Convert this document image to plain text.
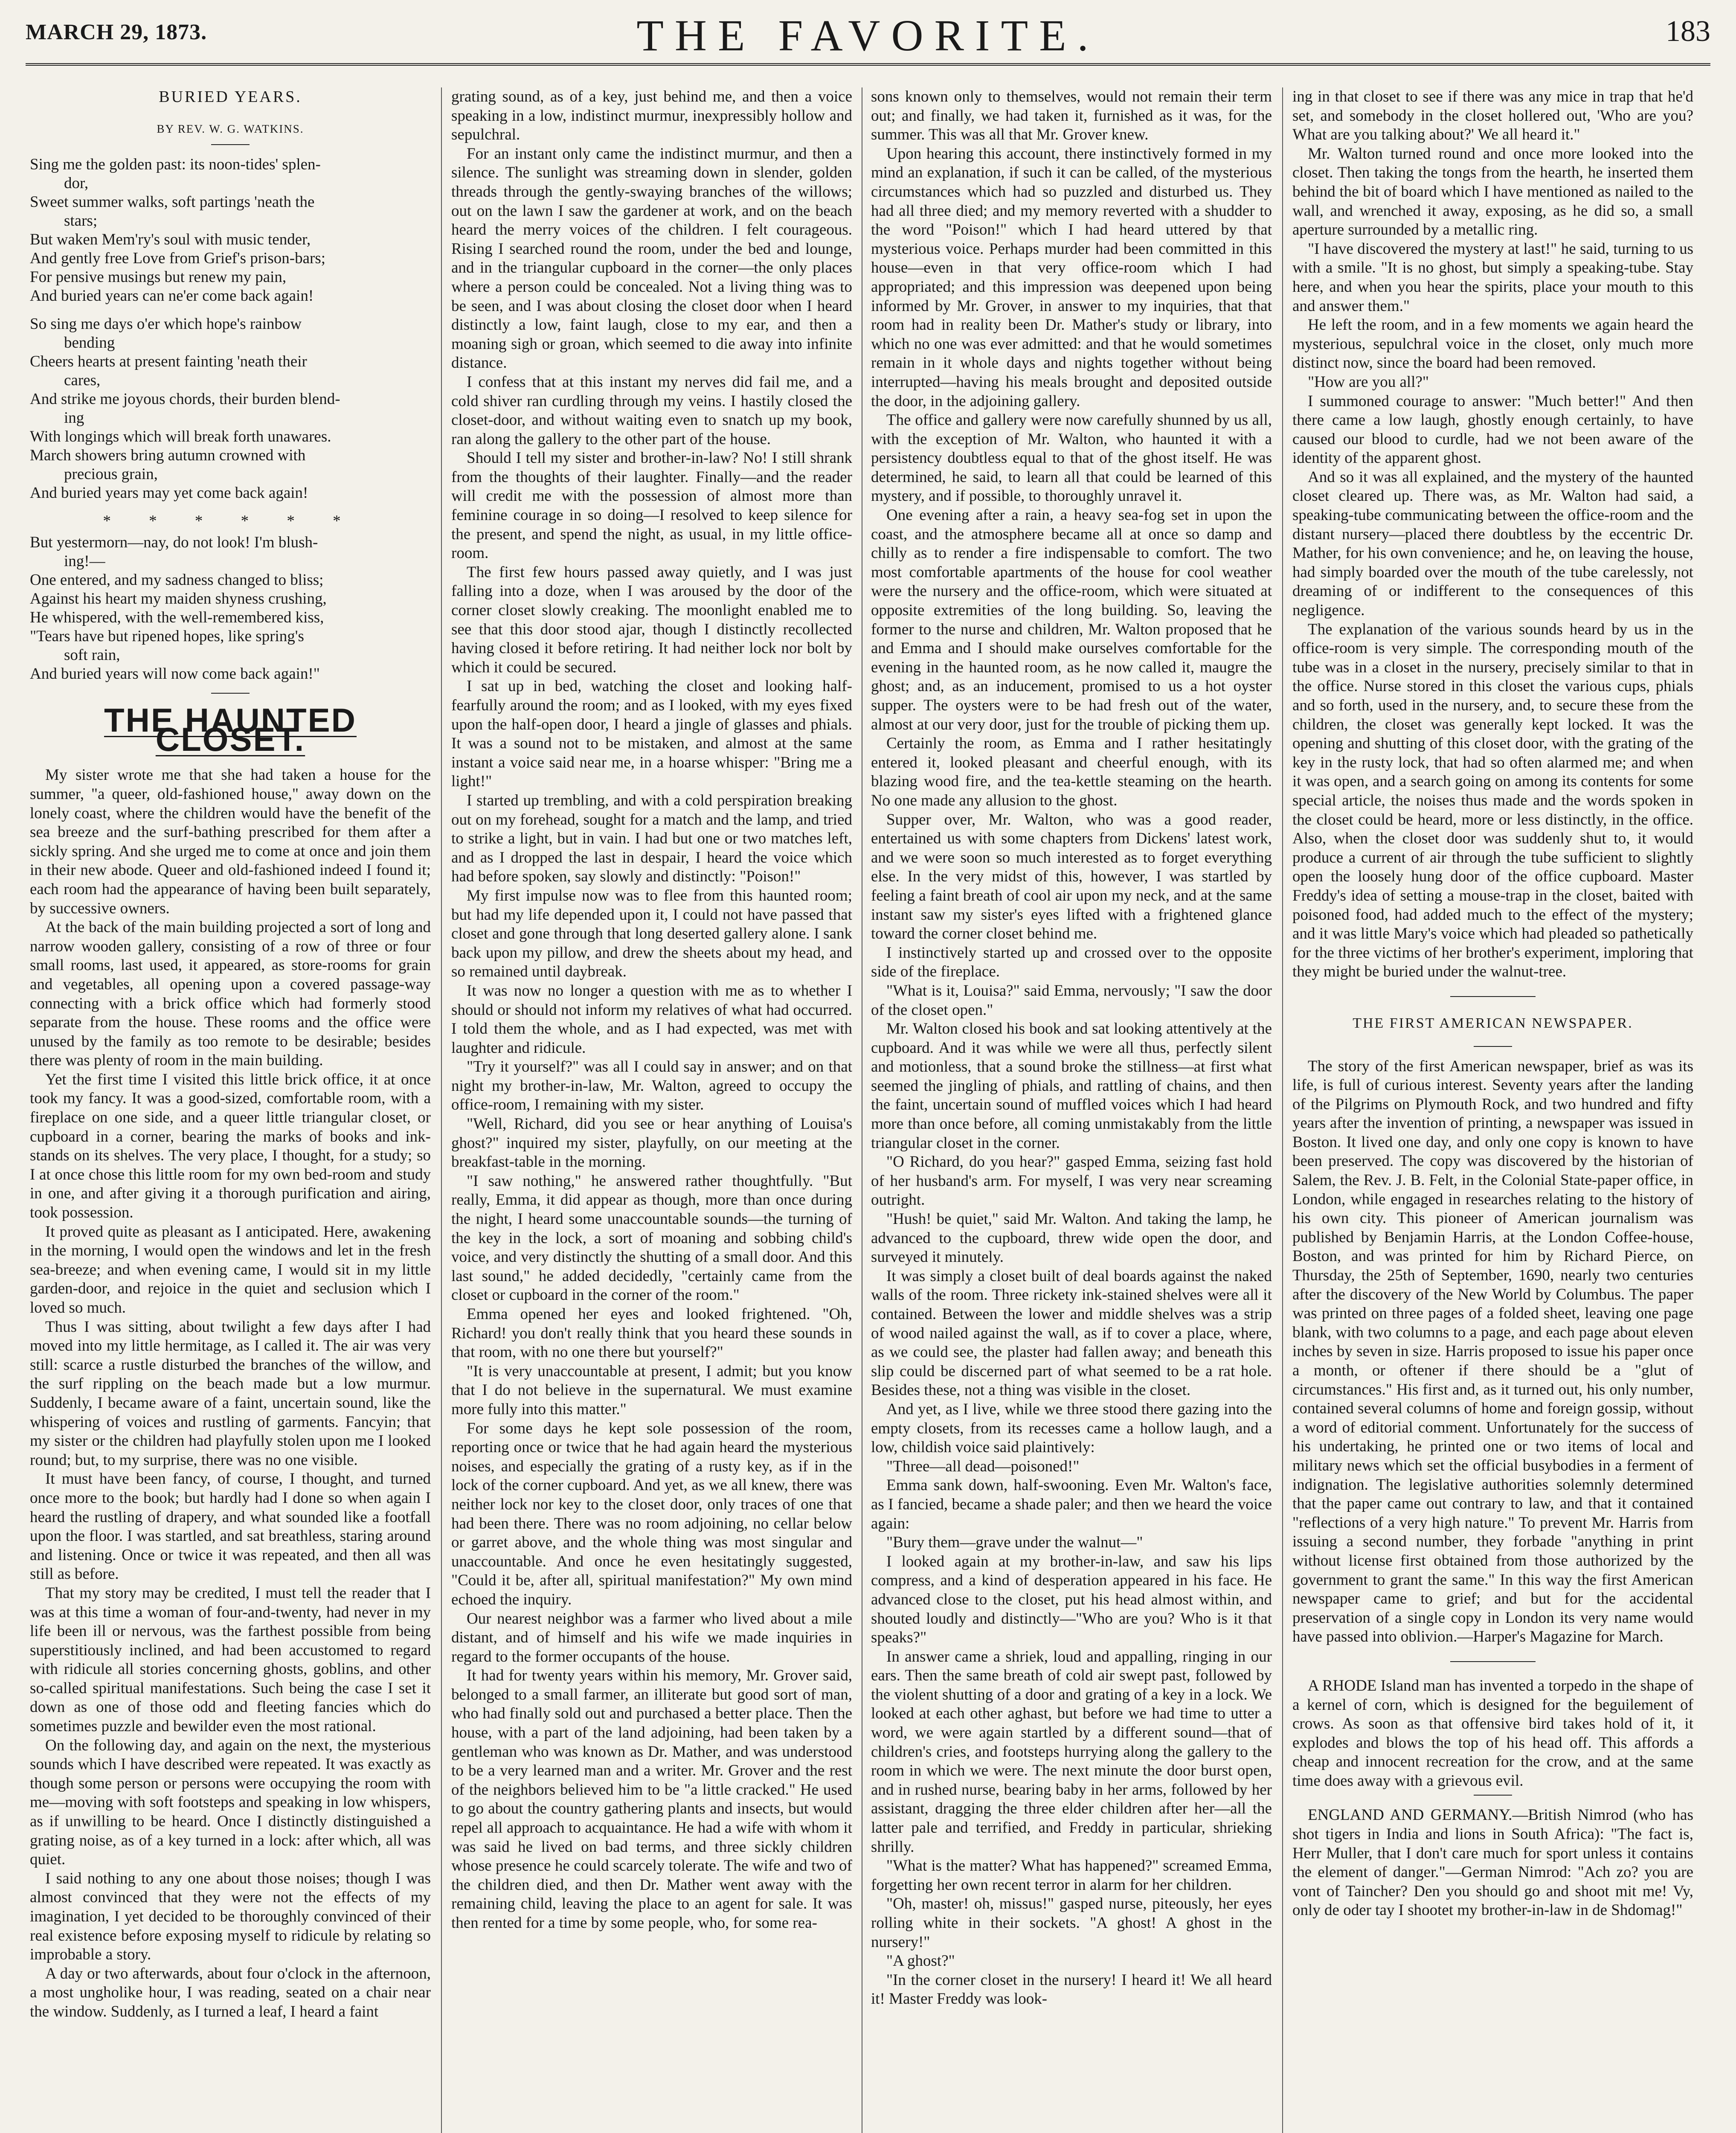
MARCH 29, 1873.	THE FAVORITE.	183
BURIED YEARS.
BY REV. W. G. WATKINS.
Sing me the golden past: its noon-tides' splen-
dor,
Sweet summer walks, soft partings 'neath the
stars;
But waken Mem'ry's soul with music tender,
And gently free Love from Grief's prison-bars;
For pensive musings but renew my pain,
And buried years can ne'er come back again!
So sing me days o'er which hope's rainbow
bending
Cheers hearts at present fainting 'neath their
cares,
And strike me joyous chords, their burden blend-
ing
With longings which will break forth unawares.
March showers bring autumn crowned with
precious grain,
And buried years may yet come back again!
* * * * * *
But yestermorn—nay, do not look! I'm blush-
ing!—
One entered, and my sadness changed to bliss;
Against his heart my maiden shyness crushing,
He whispered, with the well-remembered kiss,
"Tears have but ripened hopes, like spring's
soft rain,
And buried years will now come back again!"
THE HAUNTED CLOSET.

My sister wrote me that she had taken a house for the summer, "a queer, old-fashioned house," away down on the lonely coast, where the children would have the benefit of the sea breeze and the surf-bathing prescribed for them after a sickly spring. And she urged me to come at once and join them in their new abode. Queer and old-fashioned indeed I found it; each room had the appearance of having been built separately, by successive owners.

At the back of the main building projected a sort of long and narrow wooden gallery, consisting of a row of three or four small rooms, last used, it appeared, as store-rooms for grain and vegetables, all opening upon a covered passage-way connecting with a brick office which had formerly stood separate from the house. These rooms and the office were unused by the family as too remote to be desirable; besides there was plenty of room in the main building.

Yet the first time I visited this little brick office, it at once took my fancy. It was a good-sized, comfortable room, with a fireplace on one side, and a queer little triangular closet, or cupboard in a corner, bearing the marks of books and ink-stands on its shelves. The very place, I thought, for a study; so I at once chose this little room for my own bed-room and study in one, and after giving it a thorough purification and airing, took possession.

It proved quite as pleasant as I anticipated. Here, awakening in the morning, I would open the windows and let in the fresh sea-breeze; and when evening came, I would sit in my little garden-door, and rejoice in the quiet and seclusion which I loved so much.

Thus I was sitting, about twilight a few days after I had moved into my little hermitage, as I called it. The air was very still: scarce a rustle disturbed the branches of the willow, and the surf rippling on the beach made but a low murmur. Suddenly, I became aware of a faint, uncertain sound, like the whispering of voices and rustling of garments. Fancyin; that my sister or the children had playfully stolen upon me I looked round; but, to my surprise, there was no one visible.

It must have been fancy, of course, I thought, and turned once more to the book; but hardly had I done so when again I heard the rustling of drapery, and what sounded like a footfall upon the floor. I was startled, and sat breathless, staring around and listening. Once or twice it was repeated, and then all was still as before.

That my story may be credited, I must tell the reader that I was at this time a woman of four-and-twenty, had never in my life been ill or nervous, was the farthest possible from being superstitiously inclined, and had been accustomed to regard with ridicule all stories concerning ghosts, goblins, and other so-called spiritual manifestations. Such being the case I set it down as one of those odd and fleeting fancies which do sometimes puzzle and bewilder even the most rational.

On the following day, and again on the next, the mysterious sounds which I have described were repeated. It was exactly as though some person or persons were occupying the room with me—moving with soft footsteps and speaking in low whispers, as if unwilling to be heard. Once I distinctly distinguished a grating noise, as of a key turned in a lock: after which, all was quiet.

I said nothing to any one about those noises; though I was almost convinced that they were not the effects of my imagination, I yet decided to be thoroughly convinced of their real existence before exposing myself to ridicule by relating so improbable a story.

A day or two afterwards, about four o'clock in the afternoon, a most ungholike hour, I was reading, seated on a chair near the window. Suddenly, as I turned a leaf, I heard a faint

grating sound, as of a key, just behind me, and then a voice speaking in a low, indistinct murmur, inexpressibly hollow and sepulchral.

For an instant only came the indistinct murmur, and then a silence. The sunlight was streaming down in slender, golden threads through the gently-swaying branches of the willows; out on the lawn I saw the gardener at work, and on the beach heard the merry voices of the children. I felt courageous. Rising I searched round the room, under the bed and lounge, and in the triangular cupboard in the corner—the only places where a person could be concealed. Not a living thing was to be seen, and I was about closing the closet door when I heard distinctly a low, faint laugh, close to my ear, and then a moaning sigh or groan, which seemed to die away into infinite distance.

I confess that at this instant my nerves did fail me, and a cold shiver ran curdling through my veins. I hastily closed the closet-door, and without waiting even to snatch up my book, ran along the gallery to the other part of the house.

Should I tell my sister and brother-in-law? No! I still shrank from the thoughts of their laughter. Finally—and the reader will credit me with the possession of almost more than feminine courage in so doing—I resolved to keep silence for the present, and spend the night, as usual, in my little office-room.

The first few hours passed away quietly, and I was just falling into a doze, when I was aroused by the door of the corner closet slowly creaking. The moonlight enabled me to see that this door stood ajar, though I distinctly recollected having closed it before retiring. It had neither lock nor bolt by which it could be secured.

I sat up in bed, watching the closet and looking half-fearfully around the room; and as I looked, with my eyes fixed upon the half-open door, I heard a jingle of glasses and phials. It was a sound not to be mistaken, and almost at the same instant a voice said near me, in a hoarse whisper: "Bring me a light!"

I started up trembling, and with a cold perspiration breaking out on my forehead, sought for a match and the lamp, and tried to strike a light, but in vain. I had but one or two matches left, and as I dropped the last in despair, I heard the voice which had before spoken, say slowly and distinctly: "Poison!"

My first impulse now was to flee from this haunted room; but had my life depended upon it, I could not have passed that closet and gone through that long deserted gallery alone. I sank back upon my pillow, and drew the sheets about my head, and so remained until daybreak.

It was now no longer a question with me as to whether I should or should not inform my relatives of what had occurred. I told them the whole, and as I had expected, was met with laughter and ridicule.

"Try it yourself?" was all I could say in answer; and on that night my brother-in-law, Mr. Walton, agreed to occupy the office-room, I remaining with my sister.

"Well, Richard, did you see or hear anything of Louisa's ghost?" inquired my sister, playfully, on our meeting at the breakfast-table in the morning.

"I saw nothing," he answered rather thoughtfully. "But really, Emma, it did appear as though, more than once during the night, I heard some unaccountable sounds—the turning of the key in the lock, a sort of moaning and sobbing child's voice, and very distinctly the shutting of a small door. And this last sound," he added decidedly, "certainly came from the closet or cupboard in the corner of the room."

Emma opened her eyes and looked frightened. "Oh, Richard! you don't really think that you heard these sounds in that room, with no one there but yourself?"

"It is very unaccountable at present, I admit; but you know that I do not believe in the supernatural. We must examine more fully into this matter."

For some days he kept sole possession of the room, reporting once or twice that he had again heard the mysterious noises, and especially the grating of a rusty key, as if in the lock of the corner cupboard. And yet, as we all knew, there was neither lock nor key to the closet door, only traces of one that had been there. There was no room adjoining, no cellar below or garret above, and the whole thing was most singular and unaccountable. And once he even hesitatingly suggested, "Could it be, after all, spiritual manifestation?" My own mind echoed the inquiry.

Our nearest neighbor was a farmer who lived about a mile distant, and of himself and his wife we made inquiries in regard to the former occupants of the house.

It had for twenty years within his memory, Mr. Grover said, belonged to a small farmer, an illiterate but good sort of man, who had finally sold out and purchased a better place. Then the house, with a part of the land adjoining, had been taken by a gentleman who was known as Dr. Mather, and was understood to be a very learned man and a writer. Mr. Grover and the rest of the neighbors believed him to be "a little cracked." He used to go about the country gathering plants and insects, but would repel all approach to acquaintance. He had a wife with whom it was said he lived on bad terms, and three sickly children whose presence he could scarcely tolerate. The wife and two of the children died, and then Dr. Mather went away with the remaining child, leaving the place to an agent for sale. It was then rented for a time by some people, who, for some rea-

sons known only to themselves, would not remain their term out; and finally, we had taken it, furnished as it was, for the summer. This was all that Mr. Grover knew.

Upon hearing this account, there instinctively formed in my mind an explanation, if such it can be called, of the mysterious circumstances which had so puzzled and disturbed us. They had all three died; and my memory reverted with a shudder to the word "Poison!" which I had heard uttered by that mysterious voice. Perhaps murder had been committed in this house—even in that very office-room which I had appropriated; and this impression was deepened upon being informed by Mr. Grover, in answer to my inquiries, that that room had in reality been Dr. Mather's study or library, into which no one was ever admitted: and that he would sometimes remain in it whole days and nights together without being interrupted—having his meals brought and deposited outside the door, in the adjoining gallery.

The office and gallery were now carefully shunned by us all, with the exception of Mr. Walton, who haunted it with a persistency doubtless equal to that of the ghost itself. He was determined, he said, to learn all that could be learned of this mystery, and if possible, to thoroughly unravel it.

One evening after a rain, a heavy sea-fog set in upon the coast, and the atmosphere became all at once so damp and chilly as to render a fire indispensable to comfort. The two most comfortable apartments of the house for cool weather were the nursery and the office-room, which were situated at opposite extremities of the long building. So, leaving the former to the nurse and children, Mr. Walton proposed that he and Emma and I should make ourselves comfortable for the evening in the haunted room, as he now called it, maugre the ghost; and, as an inducement, promised to us a hot oyster supper. The oysters were to be had fresh out of the water, almost at our very door, just for the trouble of picking them up.

Certainly the room, as Emma and I rather hesitatingly entered it, looked pleasant and cheerful enough, with its blazing wood fire, and the tea-kettle steaming on the hearth. No one made any allusion to the ghost.

Supper over, Mr. Walton, who was a good reader, entertained us with some chapters from Dickens' latest work, and we were soon so much interested as to forget everything else. In the very midst of this, however, I was startled by feeling a faint breath of cool air upon my neck, and at the same instant saw my sister's eyes lifted with a frightened glance toward the corner closet behind me.

I instinctively started up and crossed over to the opposite side of the fireplace.

"What is it, Louisa?" said Emma, nervously; "I saw the door of the closet open."

Mr. Walton closed his book and sat looking attentively at the cupboard. And it was while we were all thus, perfectly silent and motionless, that a sound broke the stillness—at first what seemed the jingling of phials, and rattling of chains, and then the faint, uncertain sound of muffled voices which I had heard more than once before, all coming unmistakably from the little triangular closet in the corner.

"O Richard, do you hear?" gasped Emma, seizing fast hold of her husband's arm. For myself, I was very near screaming outright.

"Hush! be quiet," said Mr. Walton. And taking the lamp, he advanced to the cupboard, threw wide open the door, and surveyed it minutely.

It was simply a closet built of deal boards against the naked walls of the room. Three rickety ink-stained shelves were all it contained. Between the lower and middle shelves was a strip of wood nailed against the wall, as if to cover a place, where, as we could see, the plaster had fallen away; and beneath this slip could be discerned part of what seemed to be a rat hole. Besides these, not a thing was visible in the closet.

And yet, as I live, while we three stood there gazing into the empty closets, from its recesses came a hollow laugh, and a low, childish voice said plaintively:

"Three—all dead—poisoned!"

Emma sank down, half-swooning. Even Mr. Walton's face, as I fancied, became a shade paler; and then we heard the voice again:

"Bury them—grave under the walnut—"

I looked again at my brother-in-law, and saw his lips compress, and a kind of desperation appeared in his face. He advanced close to the closet, put his head almost within, and shouted loudly and distinctly—"Who are you? Who is it that speaks?"

In answer came a shriek, loud and appalling, ringing in our ears. Then the same breath of cold air swept past, followed by the violent shutting of a door and grating of a key in a lock. We looked at each other aghast, but before we had time to utter a word, we were again startled by a different sound—that of children's cries, and footsteps hurrying along the gallery to the room in which we were. The next minute the door burst open, and in rushed nurse, bearing baby in her arms, followed by her assistant, dragging the three elder children after her—all the latter pale and terrified, and Freddy in particular, shrieking shrilly.

"What is the matter? What has happened?" screamed Emma, forgetting her own recent terror in alarm for her children.

"Oh, master! oh, missus!" gasped nurse, piteously, her eyes rolling white in their sockets. "A ghost! A ghost in the nursery!"

"A ghost?"

"In the corner closet in the nursery! I heard it! We all heard it! Master Freddy was look-

ing in that closet to see if there was any mice in trap that he'd set, and somebody in the closet hollered out, 'Who are you? What are you talking about?' We all heard it."

Mr. Walton turned round and once more looked into the closet. Then taking the tongs from the hearth, he inserted them behind the bit of board which I have mentioned as nailed to the wall, and wrenched it away, exposing, as he did so, a small aperture surrounded by a metallic ring.

"I have discovered the mystery at last!" he said, turning to us with a smile. "It is no ghost, but simply a speaking-tube. Stay here, and when you hear the spirits, place your mouth to this and answer them."

He left the room, and in a few moments we again heard the mysterious, sepulchral voice in the closet, only much more distinct now, since the board had been removed.

"How are you all?"

I summoned courage to answer: "Much better!" And then there came a low laugh, ghostly enough certainly, to have caused our blood to curdle, had we not been aware of the identity of the apparent ghost.

And so it was all explained, and the mystery of the haunted closet cleared up. There was, as Mr. Walton had said, a speaking-tube communicating between the office-room and the distant nursery—placed there doubtless by the eccentric Dr. Mather, for his own convenience; and he, on leaving the house, had simply boarded over the mouth of the tube carelessly, not dreaming of or indifferent to the consequences of this negligence.

The explanation of the various sounds heard by us in the office-room is very simple. The corresponding mouth of the tube was in a closet in the nursery, precisely similar to that in the office. Nurse stored in this closet the various cups, phials and so forth, used in the nursery, and, to secure these from the children, the closet was generally kept locked. It was the opening and shutting of this closet door, with the grating of the key in the rusty lock, that had so often alarmed me; and when it was open, and a search going on among its contents for some special article, the noises thus made and the words spoken in the closet could be heard, more or less distinctly, in the office. Also, when the closet door was suddenly shut to, it would produce a current of air through the tube sufficient to slightly open the loosely hung door of the office cupboard. Master Freddy's idea of setting a mouse-trap in the closet, baited with poisoned food, had added much to the effect of the mystery; and it was little Mary's voice which had pleaded so pathetically for the three victims of her brother's experiment, imploring that they might be buried under the walnut-tree.

THE FIRST AMERICAN NEWSPAPER.

The story of the first American newspaper, brief as was its life, is full of curious interest. Seventy years after the landing of the Pilgrims on Plymouth Rock, and two hundred and fifty years after the invention of printing, a newspaper was issued in Boston. It lived one day, and only one copy is known to have been preserved. The copy was discovered by the historian of Salem, the Rev. J. B. Felt, in the Colonial State-paper office, in London, while engaged in researches relating to the history of his own city. This pioneer of American journalism was published by Benjamin Harris, at the London Coffee-house, Boston, and was printed for him by Richard Pierce, on Thursday, the 25th of September, 1690, nearly two centuries after the discovery of the New World by Columbus. The paper was printed on three pages of a folded sheet, leaving one page blank, with two columns to a page, and each page about eleven inches by seven in size. Harris proposed to issue his paper once a month, or oftener if there should be a "glut of circumstances." His first and, as it turned out, his only number, contained several columns of home and foreign gossip, without a word of editorial comment. Unfortunately for the success of his undertaking, he printed one or two items of local and military news which set the official busybodies in a ferment of indignation. The legislative authorities solemnly determined that the paper came out contrary to law, and that it contained "reflections of a very high nature." To prevent Mr. Harris from issuing a second number, they forbade "anything in print without license first obtained from those authorized by the government to grant the same." In this way the first American newspaper came to grief; and but for the accidental preservation of a single copy in London its very name would have passed into oblivion.—Harper's Magazine for March.

A RHODE Island man has invented a torpedo in the shape of a kernel of corn, which is designed for the beguilement of crows. As soon as that offensive bird takes hold of it, it explodes and blows the top of his head off. This affords a cheap and innocent recreation for the crow, and at the same time does away with a grievous evil.

ENGLAND AND GERMANY.—British Nimrod (who has shot tigers in India and lions in South Africa): "The fact is, Herr Muller, that I don't care much for sport unless it contains the element of danger."—German Nimrod: "Ach zo? you are vont of Taincher? Den you should go and shoot mit me! Vy, only de oder tay I shootet my brother-in-law in de Shdomag!"
